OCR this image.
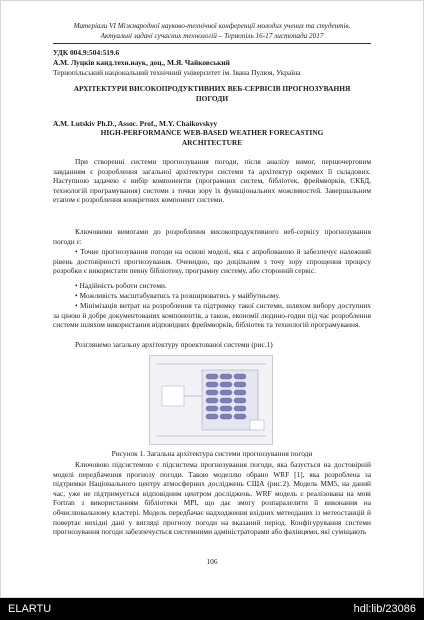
Матеріали VI Міжнародної науково-технічної конференції молодих учених та студентів.
Актуальні задачі сучасних технологій – Тернопіль 16-17 листопада 2017
УДК 004.9:504:519.6
А.М. Луцків канд.техн.наук, доц., М.Я. Чайковський
Тернопільський національний технічний університет ім. Івана Пулюя, Україна
АРХІТЕКТУРИ ВИСОКОПРОДУКТИВНИХ ВЕБ-СЕРВІСІВ ПРОГНОЗУВАННЯ ПОГОДИ
A.M. Lutskiv Ph.D., Assoc. Prof., M.Y. Chaikovskyy
HIGH-PERFORMANCE WEB-BASED WEATHER FORECASTING ARCHITECTURE
При створенні системи прогнозування погоди, після аналізу вимог, першочерговим завданням є розроблення загальної архітектури системи та архітектур окремих її складових. Наступною задачею є вибір компонентів (програмних систем, бібліотек, фреймворків, СКБД, технологій програмування) системи з точки зору їх функціональних можливостей. Завершальним етапом є розроблення конкретних компонент системи.
Ключовими вимогами до розроблення високопродуктивного веб-сервісу прогнозування погоди є:
• Точне прогнозування погоди на основі моделі, яка є апробованою й забезпечує належний рівень достовірності прогнозування. Очевидно, що доцільним з точу зору спрощення процесу розробки є використати певну бібліотеку, програмну систему, або сторонній сервіс.
• Надійність роботи системи.
• Можливість масштабуватись та розширюватись у майбутньому.
• Мінімізація витрат на розроблення та підтримку такої системи, шляхом вибору доступних за ціною й добре документованих компонентів, а також, економії людино-годин під час розроблення системи шляхом використання відповідних фреймворків, бібліотек та технологій програмування.
Розглянемо загальну архітектуру проектованої системи (рис.1)
Рисунок 1. Загальна архітектура системи прогнозування погоди
Ключовою підсистемою є підсистема прогнозування погоди, яка базується на достовірній моделі передбачення прогнозу погоди. Такою моделлю обрано WRF [1], яка розроблена за підтримки Національного центру атмосферних досліджень США (рис.2). Модель MM5, на даний час, уже не підтримується відповідним центром досліджень. WRF модель є реалізована на мові Fortran з використанням бібліотеки MPI, що дає змогу розпаралелити її виконання на обчислювальному кластері. Модель передбачає надходження вхідних метеоданих із метеостанцій й повертає вихідні дані у вигляді прогнозу погоди на вказаний період. Конфігурування системи прогнозування погоди забезпечується системними адміністраторами або фахівцями, які суміщають
106
ELARTU	hdl:lib/23086
